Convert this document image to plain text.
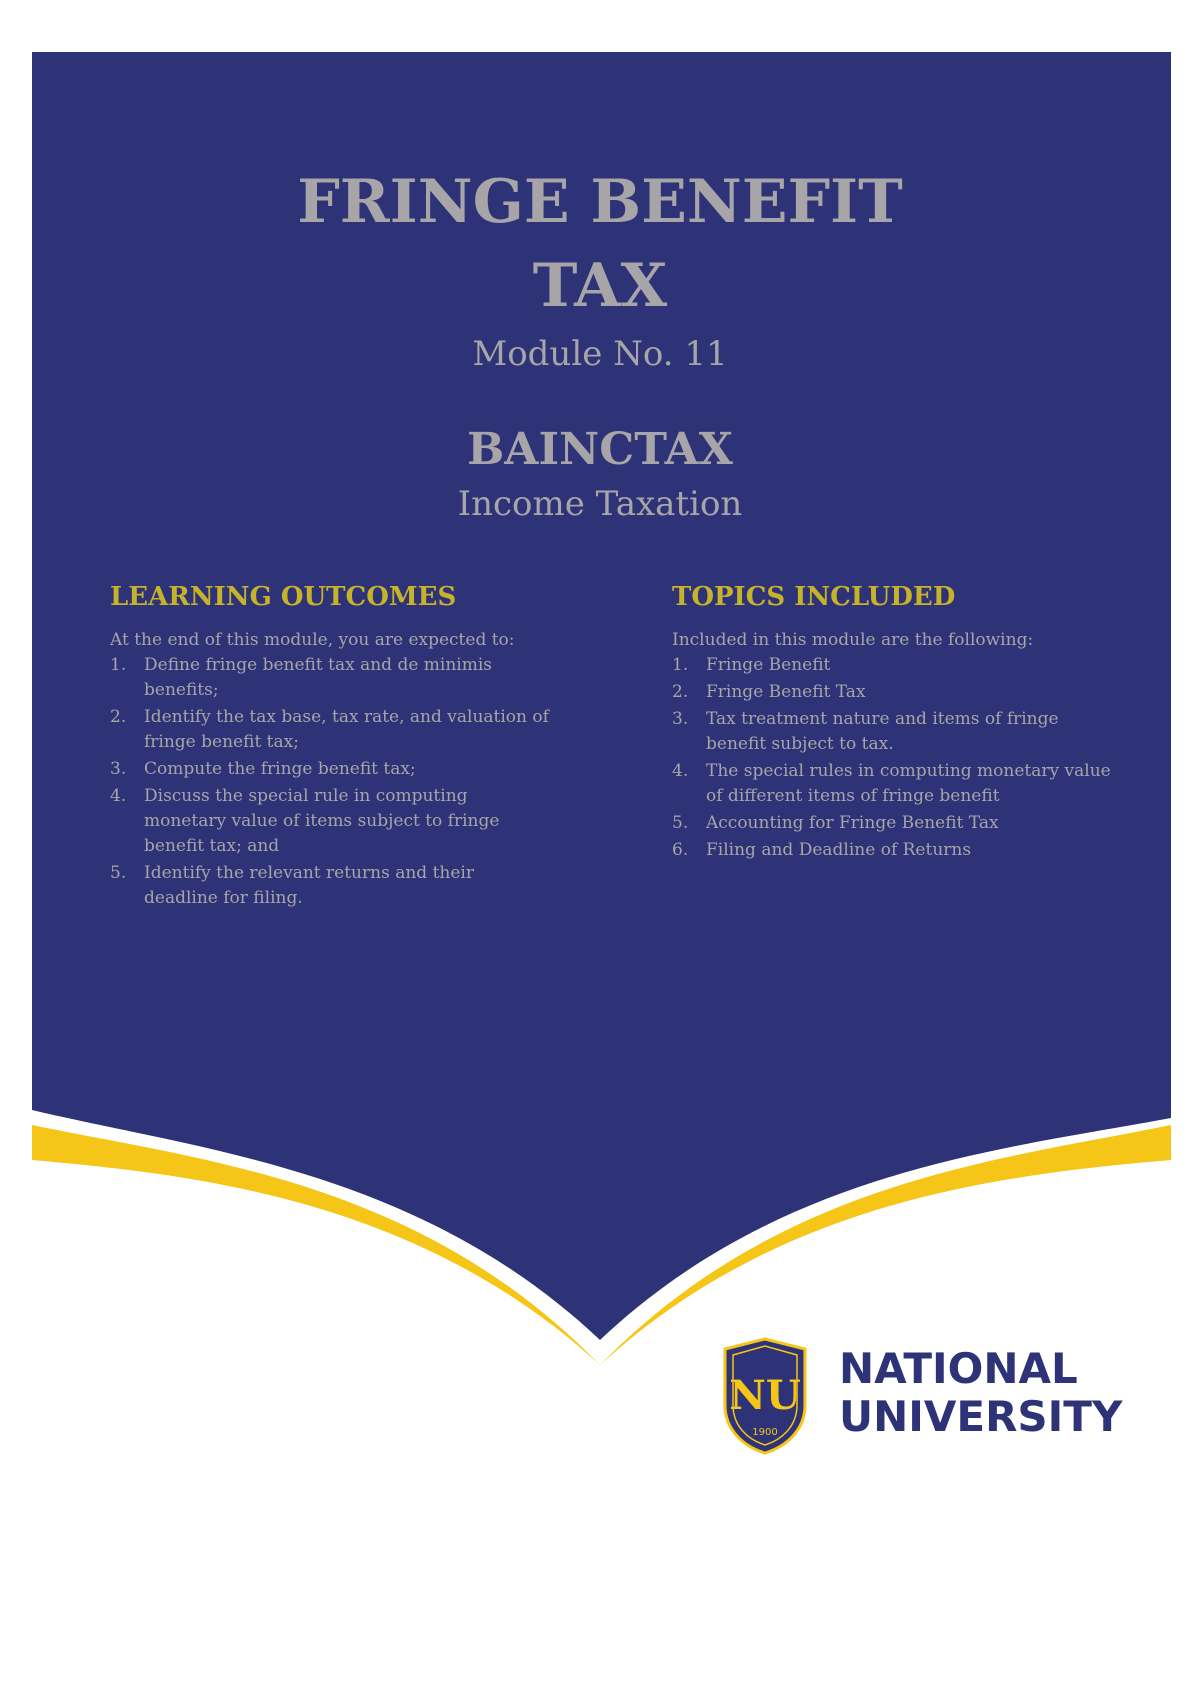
FRINGE BENEFIT
TAX

Module No. 11

BAINCTAX

Income Taxation

LEARNING OUTCOMES

At the end of this module, you are expected to:

1. Define fringe benefit tax and de minimis benefits;
2. Identify the tax base, tax rate, and valuation of fringe benefit tax;
3. Compute the fringe benefit tax;
4. Discuss the special rule in computing monetary value of items subject to fringe benefit tax; and
5. Identify the relevant returns and their deadline for filing.
TOPICS INCLUDED

Included in this module are the following:

1. Fringe Benefit
2. Fringe Benefit Tax
3. Tax treatment nature and items of fringe benefit subject to tax.
4. The special rules in computing monetary value of different items of fringe benefit
5. Accounting for Fringe Benefit Tax
6. Filing and Deadline of Returns
NU
1900
NATIONAL
UNIVERSITY
